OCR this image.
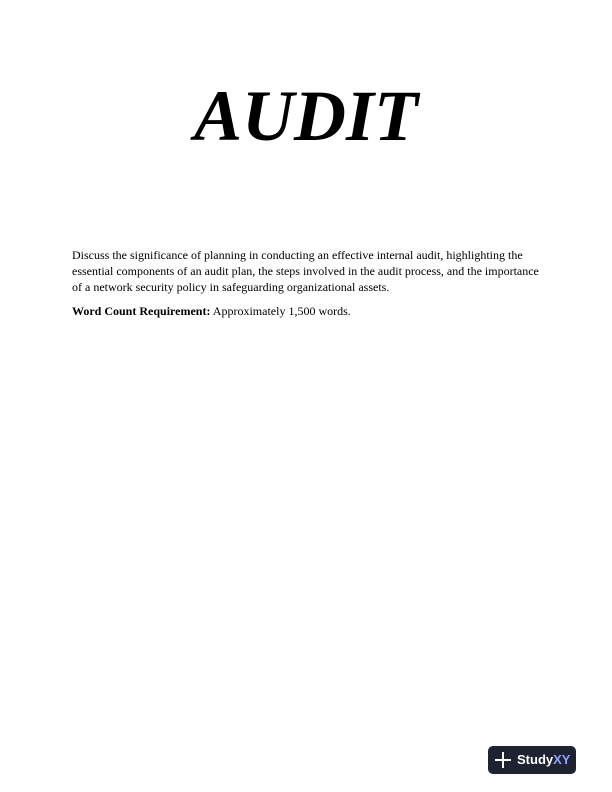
AUDIT

Discuss the significance of planning in conducting an effective internal audit, highlighting the essential components of an audit plan, the steps involved in the audit process, and the importance of a network security policy in safeguarding organizational assets.

Word Count Requirement: Approximately 1,500 words.

StudyXY
